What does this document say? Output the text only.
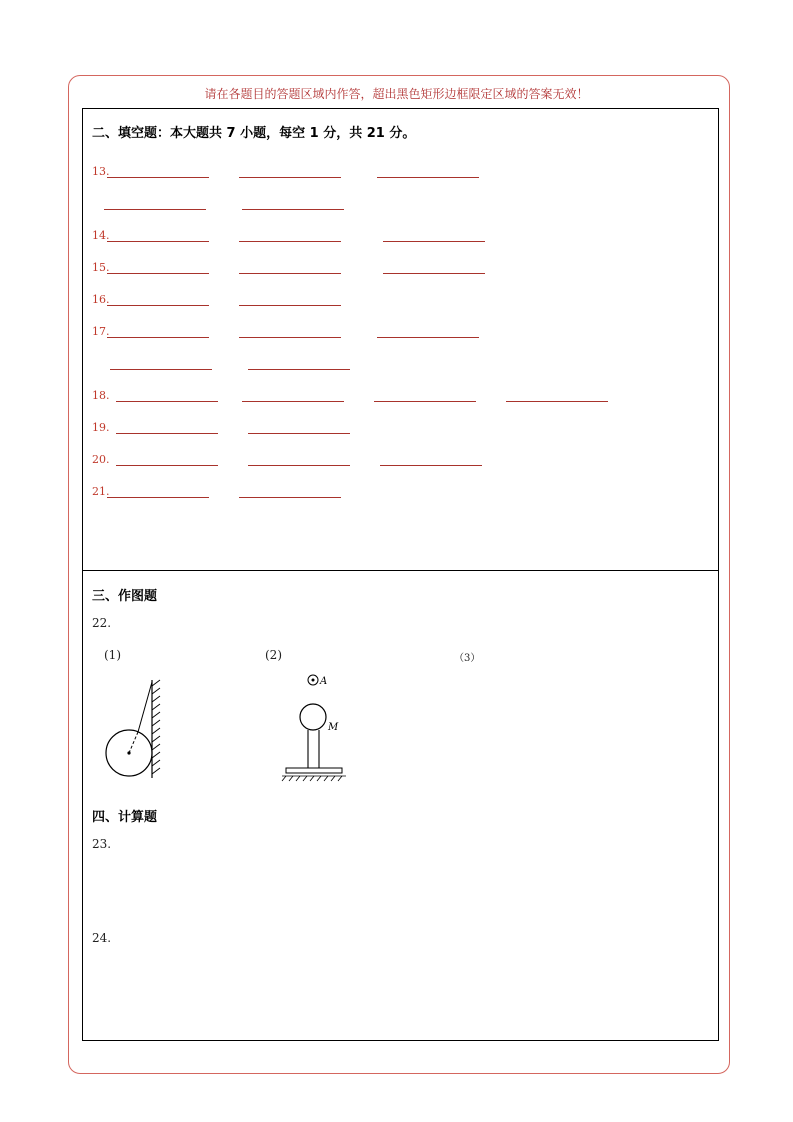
请在各题目的答题区域内作答，超出黑色矩形边框限定区域的答案无效！
二、填空题：本大题共 7 小题，每空 1 分，共 21 分。
13.
14.
15.
16.
17.
18.
19.
20.
21.
三、作图题
22.
(1)	(2)	（3）
A
M
四、计算题
23.
24.
